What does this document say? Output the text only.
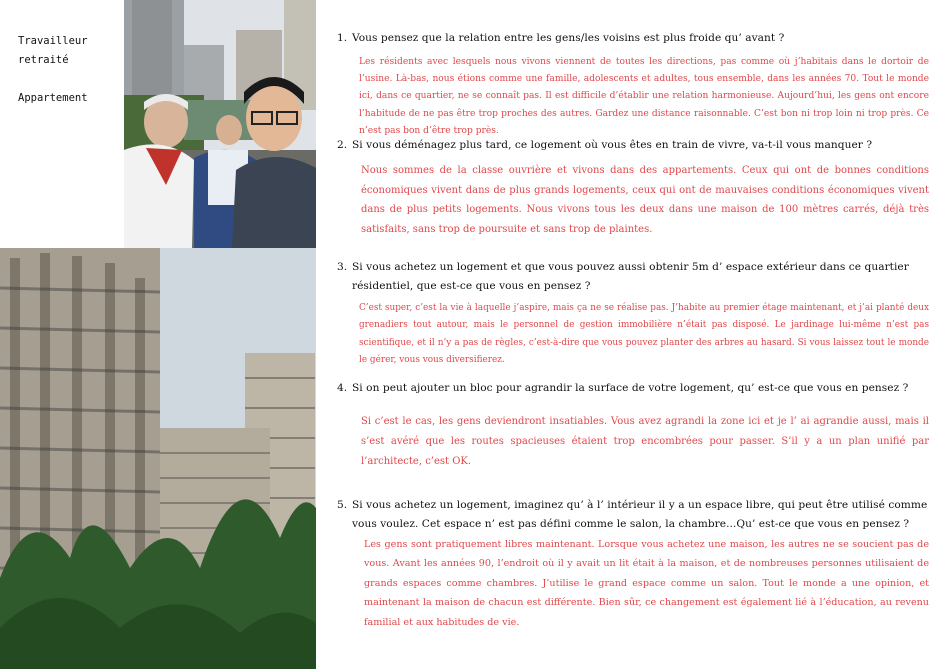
Travailleur
retraité
Appartement
1. Vous pensez que la relation entre les gens/les voisins est plus froide qu’ avant ?
Les résidents avec lesquels nous vivons viennent de toutes les directions, pas comme où j’habitais dans le dortoir de l’usine. Là-bas, nous étions comme une famille, adolescents et adultes, tous ensemble, dans les années 70. Tout le monde ici, dans ce quartier, ne se connaît pas. Il est difficile d’établir une relation harmonieuse. Aujourd’hui, les gens ont encore l’habitude de ne pas être trop proches des autres. Gardez une distance raisonnable. C’est bon ni trop loin ni trop près. Ce n’est pas bon d’être trop près.
2. Si vous déménagez plus tard, ce logement où vous êtes en train de vivre, va-t-il vous manquer ?
Nous sommes de la classe ouvrière et vivons dans des appartements. Ceux qui ont de bonnes conditions économiques vivent dans de plus grands logements, ceux qui ont de mauvaises conditions économiques vivent dans de plus petits logements. Nous vivons tous les deux dans une maison de 100 mètres carrés, déjà très satisfaits, sans trop de poursuite et sans trop de plaintes.
3. Si vous achetez un logement et que vous pouvez aussi obtenir 5m d’ espace extérieur dans ce quartier résidentiel, que est-ce que vous en pensez ?
C’est super, c’est la vie à laquelle j’aspire, mais ça ne se réalise pas. J’habite au premier étage maintenant, et j’ai planté deux grenadiers tout autour, mais le personnel de gestion immobilière n’était pas disposé. Le jardinage lui-même n’est pas scientifique, et il n’y a pas de règles, c’est-à-dire que vous pouvez planter des arbres au hasard. Si vous laissez tout le monde le gérer, vous vous diversifierez.
4. Si on peut ajouter un bloc pour agrandir la surface de votre logement, qu’ est-ce que vous en pensez ?
Si c’est le cas, les gens deviendront insatiables. Vous avez agrandi la zone ici et je l’ ai agrandie aussi, mais il s’est avéré que les routes spacieuses étaient trop encombrées pour passer. S’il y a un plan unifié par l’architecte, c’est OK.
5. Si vous achetez un logement, imaginez qu’ à l’ intérieur il y a un espace libre, qui peut être utilisé comme vous voulez. Cet espace n’ est pas défini comme le salon, la chambre...Qu’ est-ce que vous en pensez ?
Les gens sont pratiquement libres maintenant. Lorsque vous achetez une maison, les autres ne se soucient pas de vous. Avant les années 90, l’endroit où il y avait un lit était à la maison, et de nombreuses personnes utilisaient de grands espaces comme chambres. J’utilise le grand espace comme un salon. Tout le monde a une opinion, et maintenant la maison de chacun est différente. Bien sûr, ce changement est également lié à l’éducation, au revenu familial et aux habitudes de vie.
